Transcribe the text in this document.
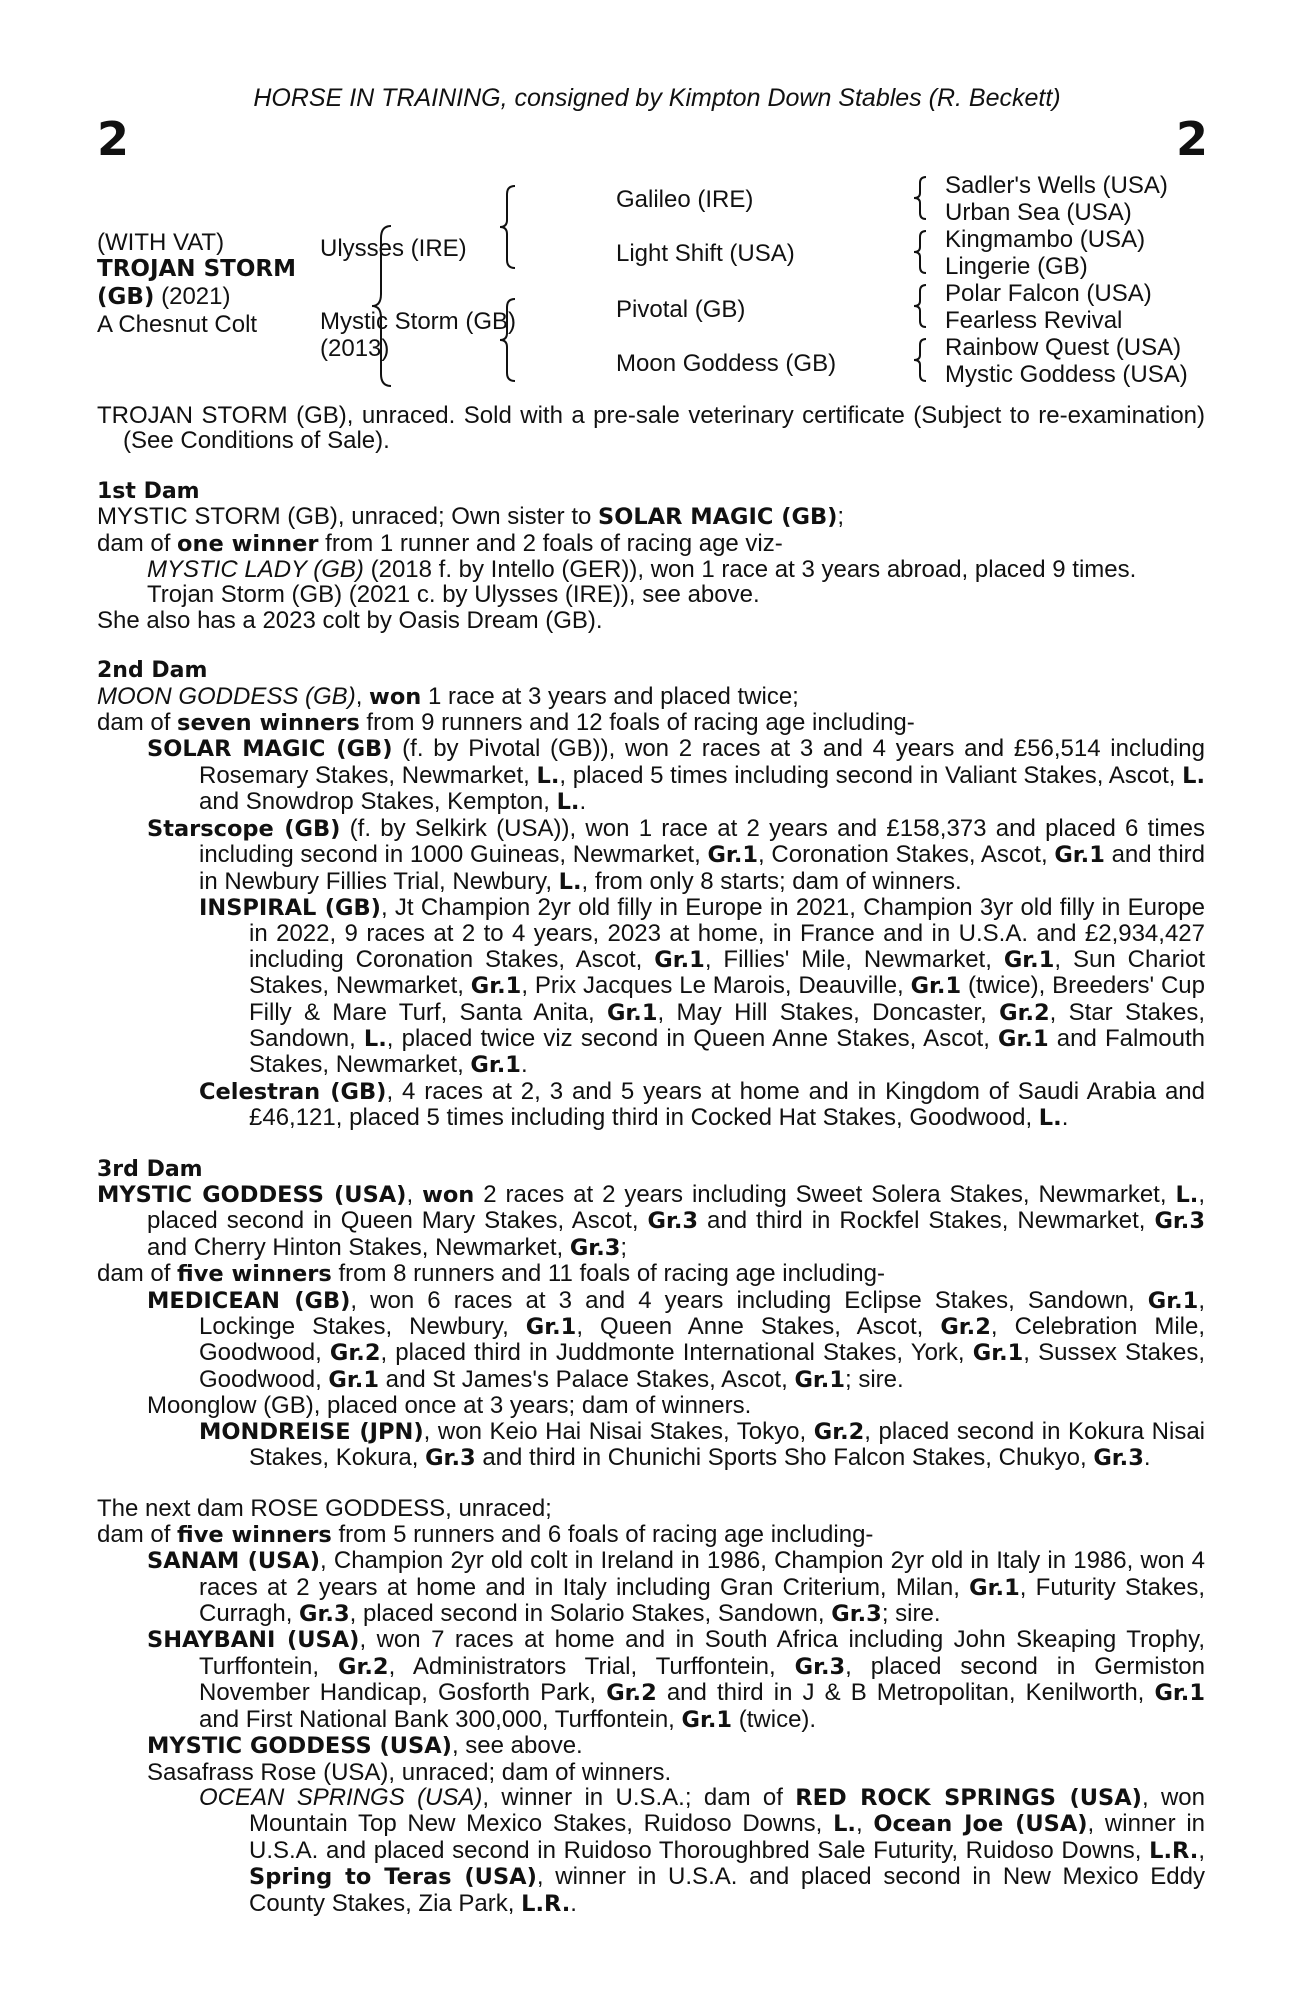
HORSE IN TRAINING, consigned by Kimpton Down Stables (R. Beckett)
2	2
(WITH VAT)
TROJAN STORM
(GB) (2021)
A Chesnut Colt
Ulysses (IRE)
Mystic Storm (GB)
(2013)
Galileo (IRE)
Light Shift (USA)
Pivotal (GB)
Moon Goddess (GB)
Sadler's Wells (USA)
Urban Sea (USA)
Kingmambo (USA)
Lingerie (GB)
Polar Falcon (USA)
Fearless Revival
Rainbow Quest (USA)
Mystic Goddess (USA)

TROJAN STORM (GB), unraced. Sold with a pre-sale veterinary certificate (Subject to re-examination) (See Conditions of Sale).

1st Dam

MYSTIC STORM (GB), unraced; Own sister to SOLAR MAGIC (GB);

dam of one winner from 1 runner and 2 foals of racing age viz-

MYSTIC LADY (GB) (2018 f. by Intello (GER)), won 1 race at 3 years abroad, placed 9 times.

Trojan Storm (GB) (2021 c. by Ulysses (IRE)), see above.

She also has a 2023 colt by Oasis Dream (GB).

2nd Dam

MOON GODDESS (GB), won 1 race at 3 years and placed twice;

dam of seven winners from 9 runners and 12 foals of racing age including-

SOLAR MAGIC (GB) (f. by Pivotal (GB)), won 2 races at 3 and 4 years and £56,514 including Rosemary Stakes, Newmarket, L., placed 5 times including second in Valiant Stakes, Ascot, L. and Snowdrop Stakes, Kempton, L..

Starscope (GB) (f. by Selkirk (USA)), won 1 race at 2 years and £158,373 and placed 6 times including second in 1000 Guineas, Newmarket, Gr.1, Coronation Stakes, Ascot, Gr.1 and third in Newbury Fillies Trial, Newbury, L., from only 8 starts; dam of winners.

INSPIRAL (GB), Jt Champion 2yr old filly in Europe in 2021, Champion 3yr old filly in Europe in 2022, 9 races at 2 to 4 years, 2023 at home, in France and in U.S.A. and £2,934,427 including Coronation Stakes, Ascot, Gr.1, Fillies' Mile, Newmarket, Gr.1, Sun Chariot Stakes, Newmarket, Gr.1, Prix Jacques Le Marois, Deauville, Gr.1 (twice), Breeders' Cup Filly & Mare Turf, Santa Anita, Gr.1, May Hill Stakes, Doncaster, Gr.2, Star Stakes, Sandown, L., placed twice viz second in Queen Anne Stakes, Ascot, Gr.1 and Falmouth Stakes, Newmarket, Gr.1.

Celestran (GB), 4 races at 2, 3 and 5 years at home and in Kingdom of Saudi Arabia and £46,121, placed 5 times including third in Cocked Hat Stakes, Goodwood, L..

3rd Dam

MYSTIC GODDESS (USA), won 2 races at 2 years including Sweet Solera Stakes, Newmarket, L., placed second in Queen Mary Stakes, Ascot, Gr.3 and third in Rockfel Stakes, Newmarket, Gr.3 and Cherry Hinton Stakes, Newmarket, Gr.3;

dam of five winners from 8 runners and 11 foals of racing age including-

MEDICEAN (GB), won 6 races at 3 and 4 years including Eclipse Stakes, Sandown, Gr.1, Lockinge Stakes, Newbury, Gr.1, Queen Anne Stakes, Ascot, Gr.2, Celebration Mile, Goodwood, Gr.2, placed third in Juddmonte International Stakes, York, Gr.1, Sussex Stakes, Goodwood, Gr.1 and St James's Palace Stakes, Ascot, Gr.1; sire.

Moonglow (GB), placed once at 3 years; dam of winners.

MONDREISE (JPN), won Keio Hai Nisai Stakes, Tokyo, Gr.2, placed second in Kokura Nisai Stakes, Kokura, Gr.3 and third in Chunichi Sports Sho Falcon Stakes, Chukyo, Gr.3.

The next dam ROSE GODDESS, unraced;

dam of five winners from 5 runners and 6 foals of racing age including-

SANAM (USA), Champion 2yr old colt in Ireland in 1986, Champion 2yr old in Italy in 1986, won 4 races at 2 years at home and in Italy including Gran Criterium, Milan, Gr.1, Futurity Stakes, Curragh, Gr.3, placed second in Solario Stakes, Sandown, Gr.3; sire.

SHAYBANI (USA), won 7 races at home and in South Africa including John Skeaping Trophy, Turffontein, Gr.2, Administrators Trial, Turffontein, Gr.3, placed second in Germiston November Handicap, Gosforth Park, Gr.2 and third in J & B Metropolitan, Kenilworth, Gr.1 and First National Bank 300,000, Turffontein, Gr.1 (twice).

MYSTIC GODDESS (USA), see above.

Sasafrass Rose (USA), unraced; dam of winners.

OCEAN SPRINGS (USA), winner in U.S.A.; dam of RED ROCK SPRINGS (USA), won Mountain Top New Mexico Stakes, Ruidoso Downs, L., Ocean Joe (USA), winner in U.S.A. and placed second in Ruidoso Thoroughbred Sale Futurity, Ruidoso Downs, L.R., Spring to Teras (USA), winner in U.S.A. and placed second in New Mexico Eddy County Stakes, Zia Park, L.R..
